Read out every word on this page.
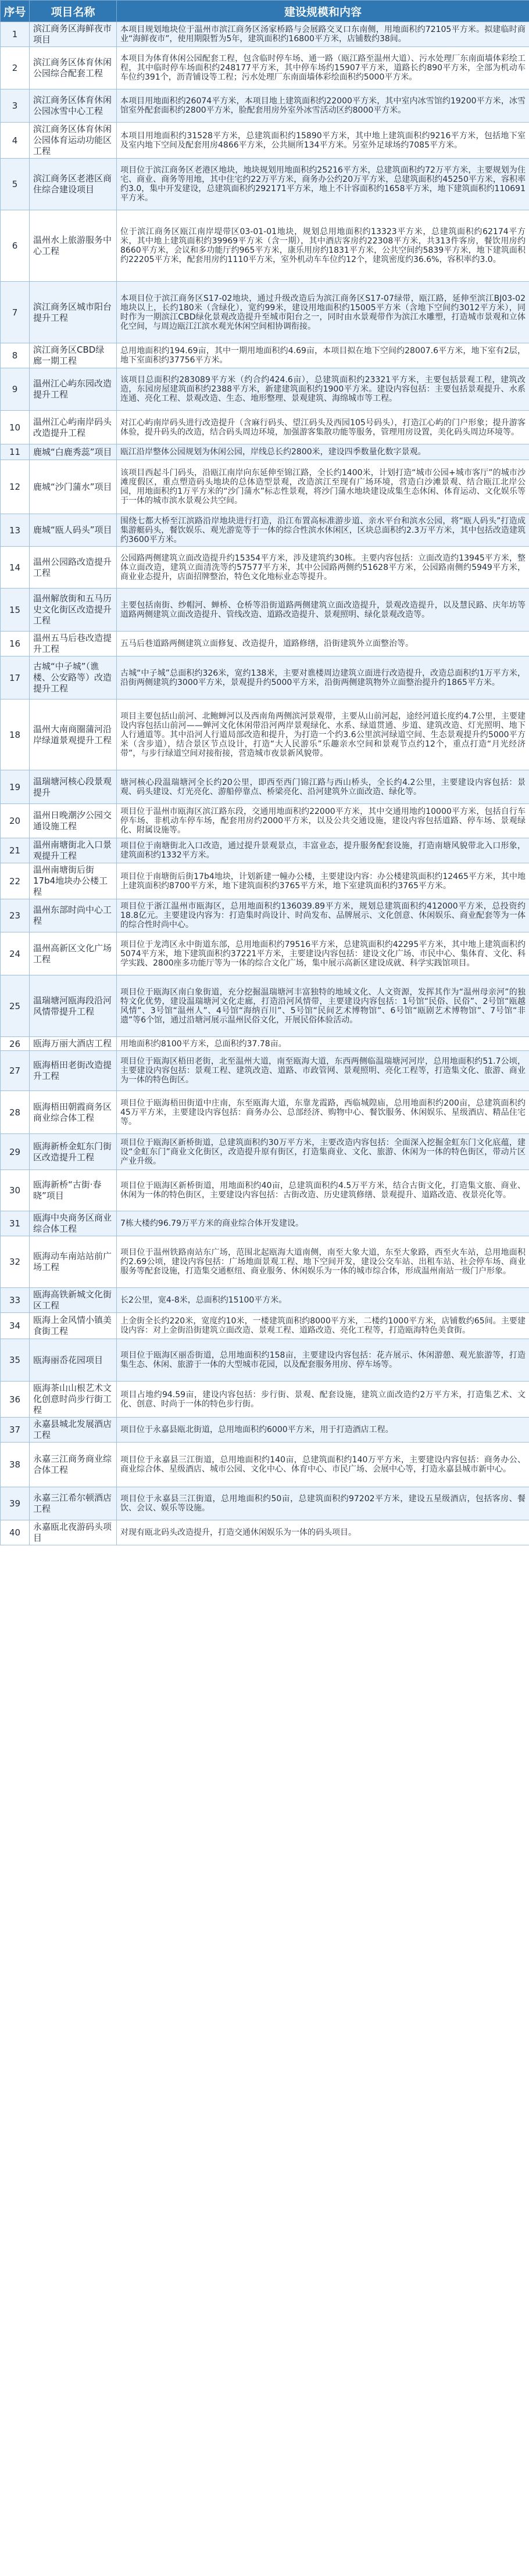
序号	项目名称	建设规模和内容
1	滨江商务区海鲜夜市项目	本项目规划地块位于温州市滨江商务区汤家桥路与会展路交叉口东南侧，用地面积约72105平方米。拟建临时商业“海鲜夜市”，使用期限暂为5年，建筑面积约16800平方米，店铺数约38间。
2	滨江商务区体育休闲公园综合配套工程	本项目为体育休闲公园配套工程，包含临时停车场、通一路（瓯江路至温州大道）、污水处理厂东南面墙体彩绘工程，其中临时停车场面积约248177平方米，其中停车场约15907平方米，道路长约890平方米，全部为机动车车位约391个，沥青铺设等工程；污水处理厂东南面墙体彩绘面积约5000平方米。
3	滨江商务区体育休闲公园冰雪中心工程	本项目用地面积约26074平方米，本项目地上建筑面积约22000平方米，其中室内冰雪馆约19200平方米，冰雪馆室外配套面积约2800平方米，脸配套用房外室外冰雪活动区约8000平方米。
4	滨江商务区体育休闲公园体育运动功能区工程	本项目用地面积约31528平方米，总建筑面积约15890平方米，其中地上建筑面积约9216平方米，包括地下室及室内地下空间及配套用房4866平方米，公共厕所134平方米。另室外足球场约7085平方米。
5	滨江商务区老港区商住综合建设项目	项目位于滨江商务区老港区地块，地块规划用地面积约25216平方米，总建筑面积约72万平方米，主要规划为住宅、商业、商务等用地，其中住宅约22万平方米，商务办公约20万平方米，总建筑面积约45250平方米，容积率约3.0，集中开发建设，总建筑面积约292171平方米，地上不计容面积约1658平方米，地下建筑面积约110691平方米。
6	温州水上旅游服务中心工程	位于滨江商务区瓯江南岸堤带区03-01-01地块，规划总用地面积约13323平方米，总建筑面积约62174平方米，其中地上建筑面积约39969平方米（含一期），其中酒店客房约22308平方米，共313件客房，餐饮用房约8660平方米，会议和多功能厅约965平方米，康乐用房约1831平方米，公共空间约5839平方米，地下建筑面积约22205平方米，配套用房约1110平方米，室外机动车车位约12个，建筑密度约36.6%，容积率约3.0。
7	滨江商务区城市阳台提升工程	本项目位于滨江商务区S17-02地块，通过升级改造后为滨江商务区S17-07绿带，瓯江路，延伸至滨江BJ03-02地块以上，长约180米（含绿化），宽约99米，建设用地面积约15005平方米（含地下空间约3012平方米），同时作为一期滨江CBD绿化景观改造提升至城市阳台之一，同时由水景观带作为滨江水雕塑，打造城市景观和立体化空间，与周边瓯江江滨水观光休闲空间相协调衔接。
8	滨江商务区CBD绿廊一期工程	总用地面积约194.69亩，其中一期用地面积约4.69亩，本项目拟在地下空间约28007.6平方米，地下室有2层，地下室面积约37756平方米。
9	温州江心屿东园改造提升工程	该项目总面积约283089平方米（约合约424.6亩），总建筑面积约23321平方米，主要包括景观工程，建筑改造，东园房屋建筑面积约2388平方米，新建建筑面积约1900平方米。建设内容包括：主要包括景观提升、水系连通、亮化工程、景观改造、生态、地形整理、景观建筑、海绵城市等工程。
10	温州江心屿南岸码头改造提升工程	对江心屿南岸码头进行改造提升（含麻行码头、望江码头及西园105号码头），打造江心屿的门户形象；提升游客体验，提升码头的改造，结合码头周边环境，加强游客集散功能等服务，管理用房设置，美化码头周边环境等。
11	鹿城“白鹿秀蕊”项目	瓯江沿岸整体公园规划为休闲公园，岸线总长约2800米，建设四季数量化数字景观。
12	鹿城“沙门蒲水”项目	该项目西起斗门码头，沿瓯江南岸向东延伸至锦江路，全长约1400米，计划打造“城市公园+城市客厅”的城市沙滩度假区，重点塑造码头地块的总体造型景观，改造滨江至现有广场环境，营造白沙滩景观、结合瓯江北岸公园，用地面积约1万平方米的“沙门蒲水”标志性景观，将沙门蒲水地块建设成集生态休闲、体育运动、文化娱乐等于一体的城市滨水景观公共空间。
13	鹿城“瓯人码头”项目	围绕七都大桥至江滨路沿岸地块进行打造，沿江布置高标准游步道、亲水平台和滨水公园，将“瓯人码头”打造成集游艇码头，餐饮娱乐、观光游览等于一体的综合性滨水休闲区，区块总面积约2.3万平方米，其中包括改造建筑约3600平方米。
14	温州公园路改造提升工程	公园路两侧建筑立面改造提升约15354平方米，涉及建筑约30栋。主要内容包括：立面改造约13945平方米，整体立面改造，建筑立面清洗等约57577平方米，其中公园路两侧约51628平方米，公园路南侧约5949平方米，商业业态提升，店面招牌整治，特色文化地标业态等提升。
15	温州解放街和五马历史文化街区改造提升工程	主要包括南街、纱帽河、蝉桥、仓桥等沿街道路两侧建筑立面改造提升，景观改造提升，以及慧民路、庆年坊等道路两侧建筑立面改造提升、管线改造、道路改造提升、景观照明、绿化景观改造等。
16	温州五马后巷改造提升工程	五马后巷道路两侧建筑立面修复、改造提升，道路修缮，沿街建筑外立面整治等。
17	古城“中子城”（谯楼、公安路等）改造提升工程	古城“中子城”总面积约326米，宽约138米，主要对谯楼周边建筑立面进行改造提升，改造总面积约1万平方米，沿街两侧建筑约3000平方米，景观提升约5000平方米，沿街两侧建筑物外立面整治提升约1865平方米。
18	温州大南商圈蒲河沿岸绿道景观提升工程	项目主要包括山前河、北鲍蝉河以及西南角两侧滨河景观带，主要从山前河起，途经河道长度约4.7公里，主要建设内容包括山前河——蝉河文化休闲带沿河两岸景观绿化、水系、绿道贯通、步道、建筑改造、灯光照明、地下人行通道等。其中沿河人行道局部改造和提升，为打造一个约3.6公里滨河绿道空间、生态景观提升约5000平方米（含步道），结合景区节点设计，打造“大人民游乐”乐趣亲水空间和景观节点约12个，重点打造“月光经济带”，与步行绿道空间对接衔接，营造城市夜景新风貌带。
19	温瑞塘河核心段景观提升	塘河核心段温瑞塘河全长约20公里，即西至西门锦江路与西山桥头，全长约4.2公里，主要建设内容包括：景观、码头建设、灯光亮化、游船停靠点、桥梁亮化、沿河建筑外立面改造、绿化等。
20	温州日晚潮汐公园交通设施工程	项目位于温州市瓯海区滨江路东段，交通用地面积约22000平方米，其中交通用地约10000平方米，包括自行车停车场、非机动车停车场，配套用房约2000平方米，以及公共交通设施，建设内容包括道路、停车场、景观绿化、附属设施等。
21	温州南塘街北入口景观提升工程	项目位于南塘街北入口改造，通过提升景观景点，丰富业态，提升服务配套设施，打造南塘风貌带北入口形象，建筑面积约1332平方米。
22	温州南塘街后街17b4地块办公楼工程	项目位于南塘街后街17b4地块，计划新建一幢办公楼，主要建设内容：办公楼建筑面积约12465平方米，其中地上建筑面积约8700平方米，地下建筑面积约3765平方米，地下室建筑面积约3765平方米。
23	温州东部时尚中心工程	项目位于浙江温州市瓯海区，总用地面积约136039.89平方米，规划总建筑面积约412000平方米，总投资约18.8亿元。主要建设内容为：打造集时尚设计、时尚发布、品牌展示、文化创意、休闲娱乐、商业配套等为一体的综合性时尚中心。
24	温州高新区文化广场工程	项目位于龙湾区永中街道东部，总用地面积约79516平方米，总建筑面积约42295平方米，其中地上建筑面积约5074平方米，地下建筑面积约37221平方米，主要建设内容包括：建设文化广场、市民中心、集体育、文化、科学实践、2800座多功能厅等为一体的综合文化广场，集中展示高新区建设成就、科学实践馆项目。
25	温瑞塘河瓯海段沿河风情带提升工程	项目位于瓯海区南白象街道，充分挖掘温瑞塘河丰富独特的地域文化、人文资源，发挥其作为“温州母亲河”的独特文化优势，建设温瑞塘河文化走廊，打造沿河风情带，主要建设内容包括：1号馆“民俗、民俗”、2号馆“瓯越风情”、3号馆“温州人”、4号馆“海纳百川”、5号馆“民间艺术博物馆”、6号馆“瓯剧艺术博物馆”、7号馆“非遗”等6个馆，通过沿塘河展示温州民俗文化，开展民俗体验活动。
26	瓯海万丽大酒店工程	用地面积约8100平方米，总面积约37.78亩。
27	瓯海梧田老街改造提升工程	项目位于瓯海区梧田老街，北至温州大道，南至瓯海大道，东西两侧临温瑞塘河河岸，总用地面积约51.7公顷，主要建设内容包括：景观工程、建筑改造、道路、市政管网、景观照明、亮化工程等，打造集文化、旅游、商业为一体的特色街区。
28	瓯海梧田朝霞商务区商业综合体工程	项目位于瓯海梧田街道中庄南，东至瓯海大道，东靠龙霞路，西临城隍庙，总用地面积约200亩，总建筑面积约45万平方米，主要建设内容包括：商务办公、总部经济、购物中心、餐饮服务、休闲娱乐、星级酒店、精品住宅等。
29	瓯海新桥金虹东门街区改造提升工程	项目位于瓯海区新桥街道，总建筑面积约30万平方米，主要改造内容包括：全面深入挖掘金虹东门文化底蕴，建设“金虹东门”商业文化街区，改造提升原有街区，打造集商业、文化、旅游、休闲为一体的特色街区，带动片区产业升级。
30	瓯海新桥“古街·春晓”项目	项目位于瓯海区新桥街道，用地面积约40亩，总建筑面积约4.5万平方米，结合古街文化，打造集文旅、商业、休闲为一体的特色街区，主要建设内容包括：古街改造、历史建筑修缮、景观提升、道路改造、夜景亮化等。
31	瓯海中央商务区商业综合体工程	7栋大楼约96.79万平方米的商业综合体开发建设。
32	瓯海动车南站站前广场工程	项目位于温州铁路南站东广场，范围北起瓯海大道南侧，南至大象大道，东至大象路，西至火车站，总用地面积约2.69公顷，建设内容包括：广场地面景观工程、地下空间开发，建设公交车站、出租车站、社会停车场、商业服务等配套设施，打造集交通枢纽、商业服务、休闲娱乐为一体的城市综合体，形成温州南站一级门户形象。
33	瓯海高铁新城文化街区工程	长2公里，宽4-8米，总面积约15100平方米。
34	瓯海上金风情小镇美食街工程	上金街全长约220米，宽度约10米，一楼建筑面积约8000平方米，二楼约1000平方米，店铺数约65间。主要建设内容：对上金街沿街建筑立面改造、景观工程、道路改造、亮化工程等，打造瓯海特色美食街。
35	瓯海丽岙花园项目	项目位于瓯海区丽岙街道，总用地面积约158亩，主要建设内容包括：花卉展示、休闲游憩、观光旅游等，打造集生态、休闲、旅游于一体的大型城市花园，以及配套服务用房、停车场等。
36	瓯海茶山山根艺术文化创意时尚步行街工程	项目占地约94.59亩，建设内容包括：步行街、景观、配套设施，建筑立面改造约2万平方米，打造集艺术、文化、创意、时尚于一体的特色步行街。
37	永嘉县城北发展酒店工程	项目位于永嘉县瓯北街道，总用地面积约6000平方米，用于打造酒店工程。
38	永嘉三江商务商业综合体工程	项目位于永嘉县三江街道，总用地面积约140亩，总建筑面积约140万平方米，主要建设内容包括：商务办公、商业综合体、星级酒店、城市公园、文化中心、体育中心、市民广场、会展中心等，打造永嘉县城市新中心。
39	永嘉三江希尔顿酒店工程	项目位于永嘉县三江街道，总用地面积约50亩，总建筑面积约97202平方米，建设五星级酒店，包括客房、餐饮、会议、娱乐等设施。
40	永嘉瓯北夜游码头项目	对现有瓯北码头改造提升，打造交通休闲娱乐为一体的码头项目。
